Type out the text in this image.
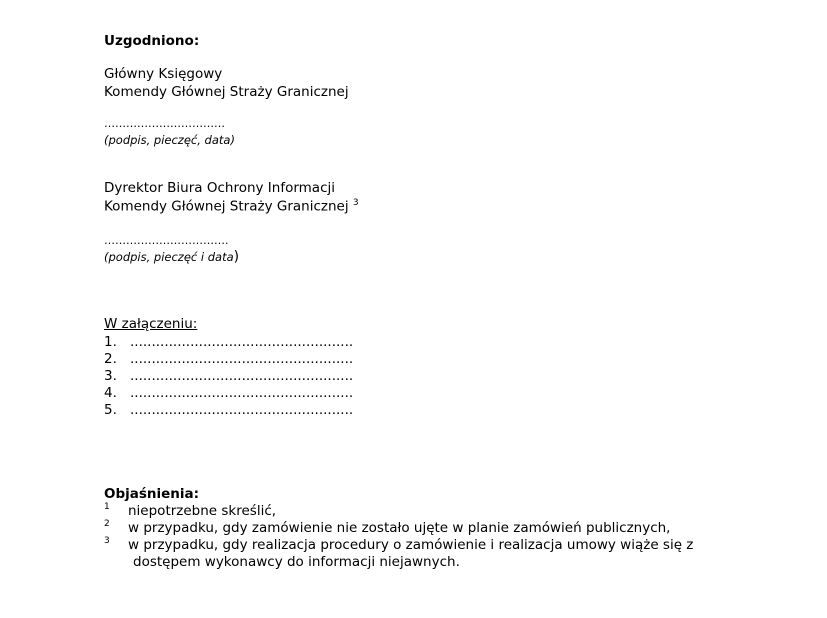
Uzgodniono:
Główny Księgowy
Komendy Głównej Straży Granicznej
……………………………
(podpis, pieczęć, data)
Dyrektor Biura Ochrony Informacji
Komendy Głównej Straży Granicznej $^3$
…………………………….
(podpis, pieczęć i data)
W załączeniu:
1. ....................................................
2. ....................................................
3. ....................................................
4. ....................................................
5. ....................................................
Objaśnienia:
1 niepotrzebne skreślić,
2 w przypadku, gdy zamówienie nie zostało ujęte w planie zamówień publicznych,
3 w przypadku, gdy realizacja procedury o zamówienie i realizacja umowy wiąże się z
dostępem wykonawcy do informacji niejawnych.
